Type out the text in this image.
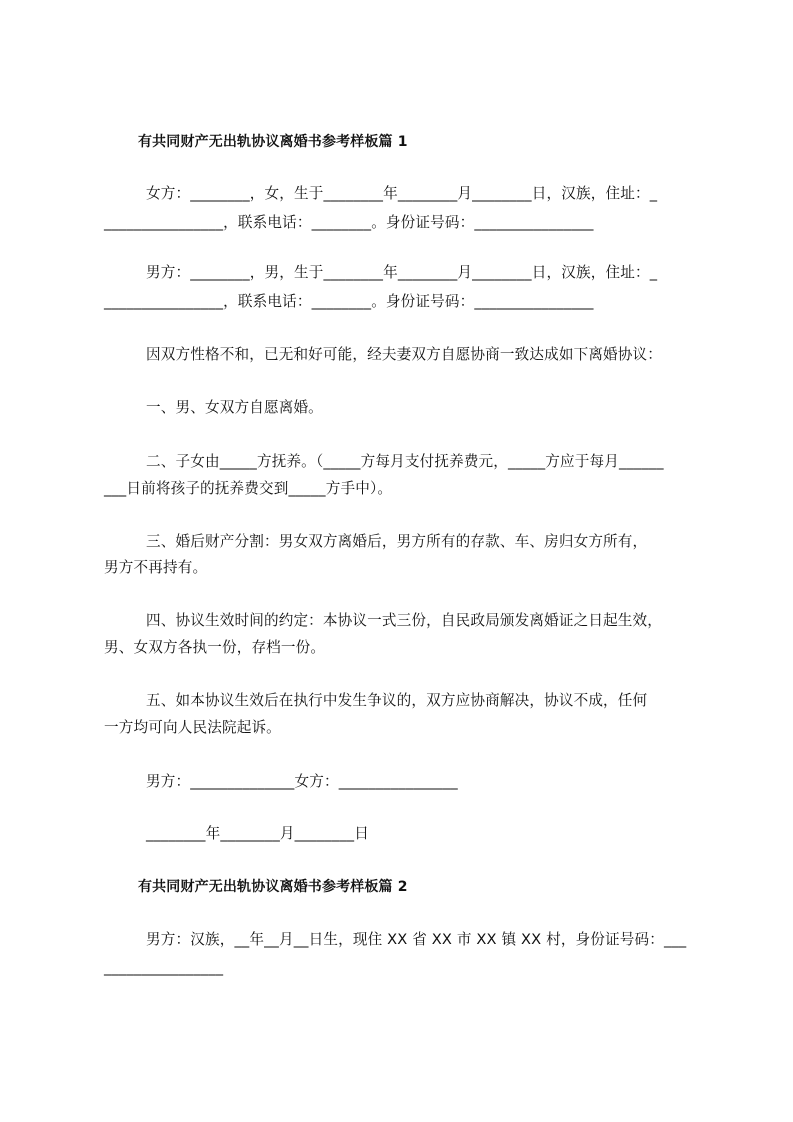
有共同财产无出轨协议离婚书参考样板篇 1
女方：________，女，生于________年________月________日，汉族，住址：_
________________，联系电话：________。身份证号码：________________
男方：________，男，生于________年________月________日，汉族，住址：_
________________，联系电话：________。身份证号码：________________
因双方性格不和，已无和好可能，经夫妻双方自愿协商一致达成如下离婚协议：
一、男、女双方自愿离婚。
二、子女由_____方抚养。（_____方每月支付抚养费元，_____方应于每月______
___日前将孩子的抚养费交到_____方手中）。
三、婚后财产分割：男女双方离婚后，男方所有的存款、车、房归女方所有，
男方不再持有。
四、协议生效时间的约定：本协议一式三份，自民政局颁发离婚证之日起生效，
男、女双方各执一份，存档一份。
五、如本协议生效后在执行中发生争议的，双方应协商解决，协议不成，任何
一方均可向人民法院起诉。
男方：______________女方：________________
________年________月________日
有共同财产无出轨协议离婚书参考样板篇 2
男方：汉族，__年__月__日生，现住 XX 省 XX 市 XX 镇 XX 村，身份证号码：___
________________
